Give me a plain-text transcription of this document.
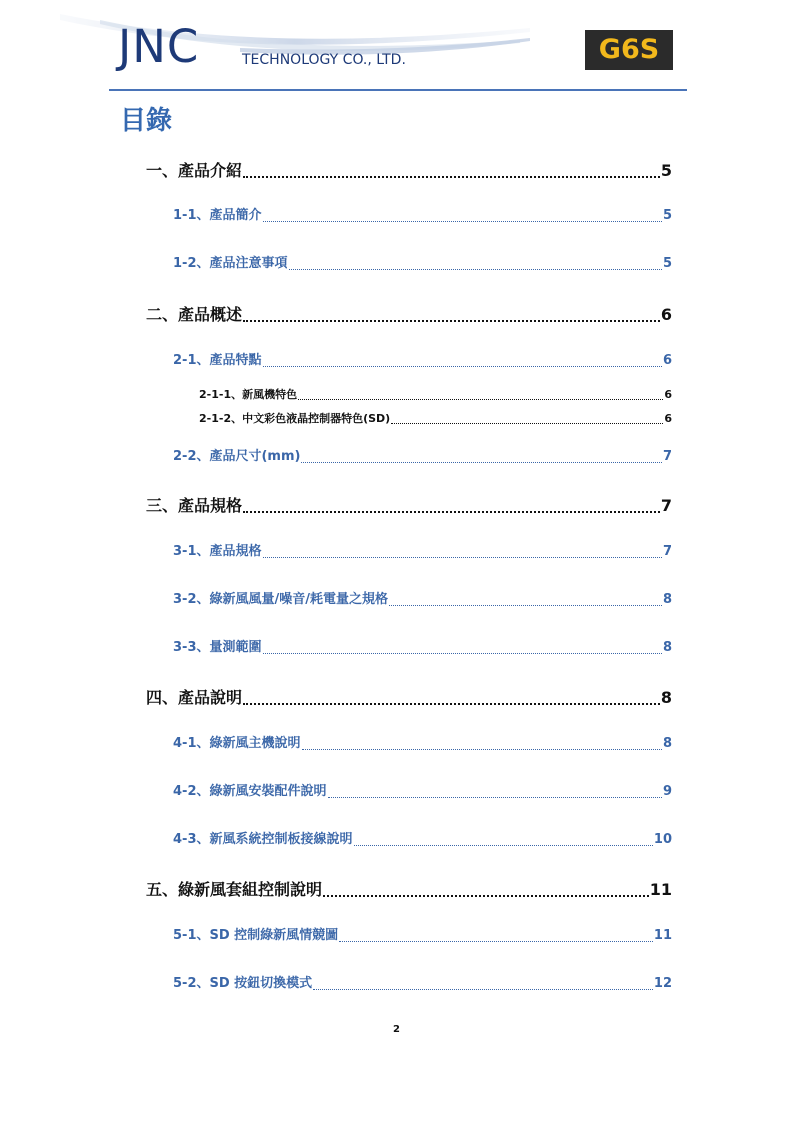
JNC	TECHNOLOGY CO., LTD.	G6S
目錄
一、產品介紹	5
1-1、產品簡介	5
1-2、產品注意事項	5
二、產品概述	6
2-1、產品特點	6
2-1-1、新風機特色	6
2-1-2、中文彩色液晶控制器特色(SD)	6
2-2、產品尺寸(mm)	7
三、產品規格	7
3-1、產品規格	7
3-2、綠新風風量/噪音/耗電量之規格	8
3-3、量測範圍	8
四、產品說明	8
4-1、綠新風主機說明	8
4-2、綠新風安裝配件說明	9
4-3、新風系統控制板接線說明	10
五、綠新風套組控制說明	11
5-1、SD 控制綠新風情競圖	11
5-2、SD 按鈕切換模式	12
2
